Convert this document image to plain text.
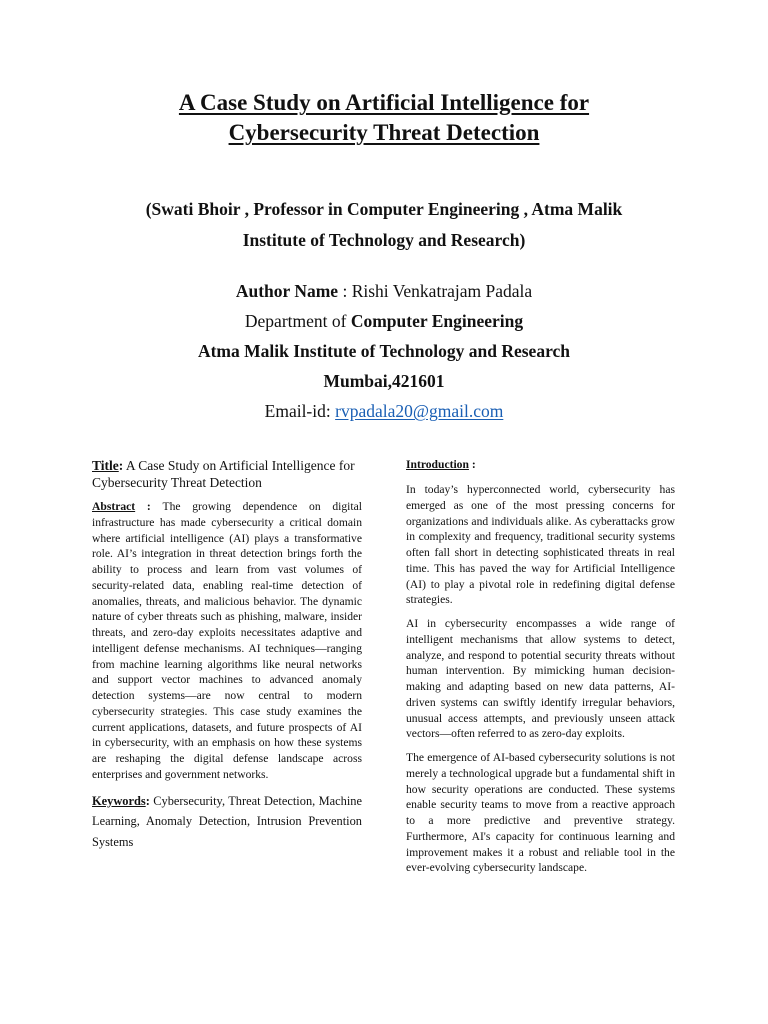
A Case Study on Artificial Intelligence for
Cybersecurity Threat Detection

(Swati Bhoir , Professor in Computer Engineering , Atma Malik
Institute of Technology and Research)

Author Name : Rishi Venkatrajam Padala
Department of Computer Engineering
Atma Malik Institute of Technology and Research
Mumbai,421601
Email-id: rvpadala20@gmail.com

Title: A Case Study on Artificial Intelligence for Cybersecurity Threat Detection

Abstract : The growing dependence on digital infrastructure has made cybersecurity a critical domain where artificial intelligence (AI) plays a transformative role. AI’s integration in threat detection brings forth the ability to process and learn from vast volumes of security-related data, enabling real-time detection of anomalies, threats, and malicious behavior. The dynamic nature of cyber threats such as phishing, malware, insider threats, and zero-day exploits necessitates adaptive and intelligent defense mechanisms. AI techniques—ranging from machine learning algorithms like neural networks and support vector machines to advanced anomaly detection systems—are now central to modern cybersecurity strategies. This case study examines the current applications, datasets, and future prospects of AI in cybersecurity, with an emphasis on how these systems are reshaping the digital defense landscape across enterprises and government networks.

Keywords: Cybersecurity, Threat Detection, Machine Learning, Anomaly Detection, Intrusion Prevention Systems

Introduction :

In today’s hyperconnected world, cybersecurity has emerged as one of the most pressing concerns for organizations and individuals alike. As cyberattacks grow in complexity and frequency, traditional security systems often fall short in detecting sophisticated threats in real time. This has paved the way for Artificial Intelligence (AI) to play a pivotal role in redefining digital defense strategies.

AI in cybersecurity encompasses a wide range of intelligent mechanisms that allow systems to detect, analyze, and respond to potential security threats without human intervention. By mimicking human decision-making and adapting based on new data patterns, AI-driven systems can swiftly identify irregular behaviors, unusual access attempts, and previously unseen attack vectors—often referred to as zero-day exploits.

The emergence of AI-based cybersecurity solutions is not merely a technological upgrade but a fundamental shift in how security operations are conducted. These systems enable security teams to move from a reactive approach to a more predictive and preventive strategy. Furthermore, AI's capacity for continuous learning and improvement makes it a robust and reliable tool in the ever-evolving cybersecurity landscape.
